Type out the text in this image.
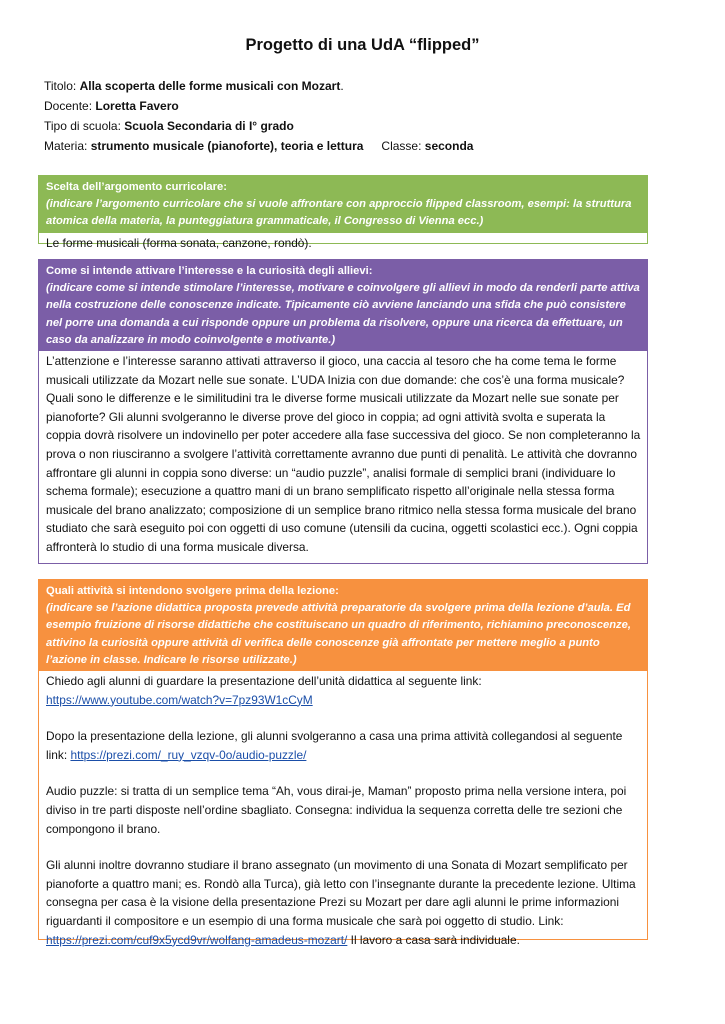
Progetto di una UdA “flipped”
Titolo: Alla scoperta delle forme musicali con Mozart.
Docente: Loretta Favero
Tipo di scuola: Scuola Secondaria di I° grado
Materia: strumento musicale (pianoforte), teoria e lettura Classe: seconda
Scelta dell’argomento curricolare:
(indicare l’argomento curricolare che si vuole affrontare con approccio flipped classroom, esempi: la struttura atomica della materia, la punteggiatura grammaticale, il Congresso di Vienna ecc.)

Le forme musicali (forma sonata, canzone, rondò).

Come si intende attivare l’interesse e la curiosità degli allievi:
(indicare come si intende stimolare l’interesse, motivare e coinvolgere gli allievi in modo da renderli parte attiva nella costruzione delle conoscenze indicate. Tipicamente ciò avviene lanciando una sfida che può consistere nel porre una domanda a cui risponde oppure un problema da risolvere, oppure una ricerca da effettuare, un caso da analizzare in modo coinvolgente e motivante.)

L’attenzione e l’interesse saranno attivati attraverso il gioco, una caccia al tesoro che ha come tema le forme musicali utilizzate da Mozart nelle sue sonate. L’UDA Inizia con due domande: che cos’è una forma musicale? Quali sono le differenze e le similitudini tra le diverse forme musicali utilizzate da Mozart nelle sue sonate per pianoforte? Gli alunni svolgeranno le diverse prove del gioco in coppia; ad ogni attività svolta e superata la coppia dovrà risolvere un indovinello per poter accedere alla fase successiva del gioco. Se non completeranno la prova o non riusciranno a svolgere l’attività correttamente avranno due punti di penalità. Le attività che dovranno affrontare gli alunni in coppia sono diverse: un “audio puzzle”, analisi formale di semplici brani (individuare lo schema formale); esecuzione a quattro mani di un brano semplificato rispetto all’originale nella stessa forma musicale del brano analizzato; composizione di un semplice brano ritmico nella stessa forma musicale del brano studiato che sarà eseguito poi con oggetti di uso comune (utensili da cucina, oggetti scolastici ecc.). Ogni coppia affronterà lo studio di una forma musicale diversa.

Quali attività si intendono svolgere prima della lezione:
(indicare se l’azione didattica proposta prevede attività preparatorie da svolgere prima della lezione d’aula. Ed esempio fruizione di risorse didattiche che costituiscano un quadro di riferimento, richiamino preconoscenze, attivino la curiosità oppure attività di verifica delle conoscenze già affrontate per mettere meglio a punto l’azione in classe. Indicare le risorse utilizzate.)

Chiedo agli alunni di guardare la presentazione dell’unità didattica al seguente link:
https://www.youtube.com/watch?v=7pz93W1cCyM

Dopo la presentazione della lezione, gli alunni svolgeranno a casa una prima attività collegandosi al seguente link: https://prezi.com/_ruy_vzqv-0o/audio-puzzle/

Audio puzzle: si tratta di un semplice tema “Ah, vous dirai-je, Maman” proposto prima nella versione intera, poi diviso in tre parti disposte nell’ordine sbagliato. Consegna: individua la sequenza corretta delle tre sezioni che compongono il brano.

Gli alunni inoltre dovranno studiare il brano assegnato (un movimento di una Sonata di Mozart semplificato per pianoforte a quattro mani; es. Rondò alla Turca), già letto con l’insegnante durante la precedente lezione. Ultima consegna per casa è la visione della presentazione Prezi su Mozart per dare agli alunni le prime informazioni riguardanti il compositore e un esempio di una forma musicale che sarà poi oggetto di studio. Link: https://prezi.com/cuf9x5ycd9vr/wolfang-amadeus-mozart/ Il lavoro a casa sarà individuale.
